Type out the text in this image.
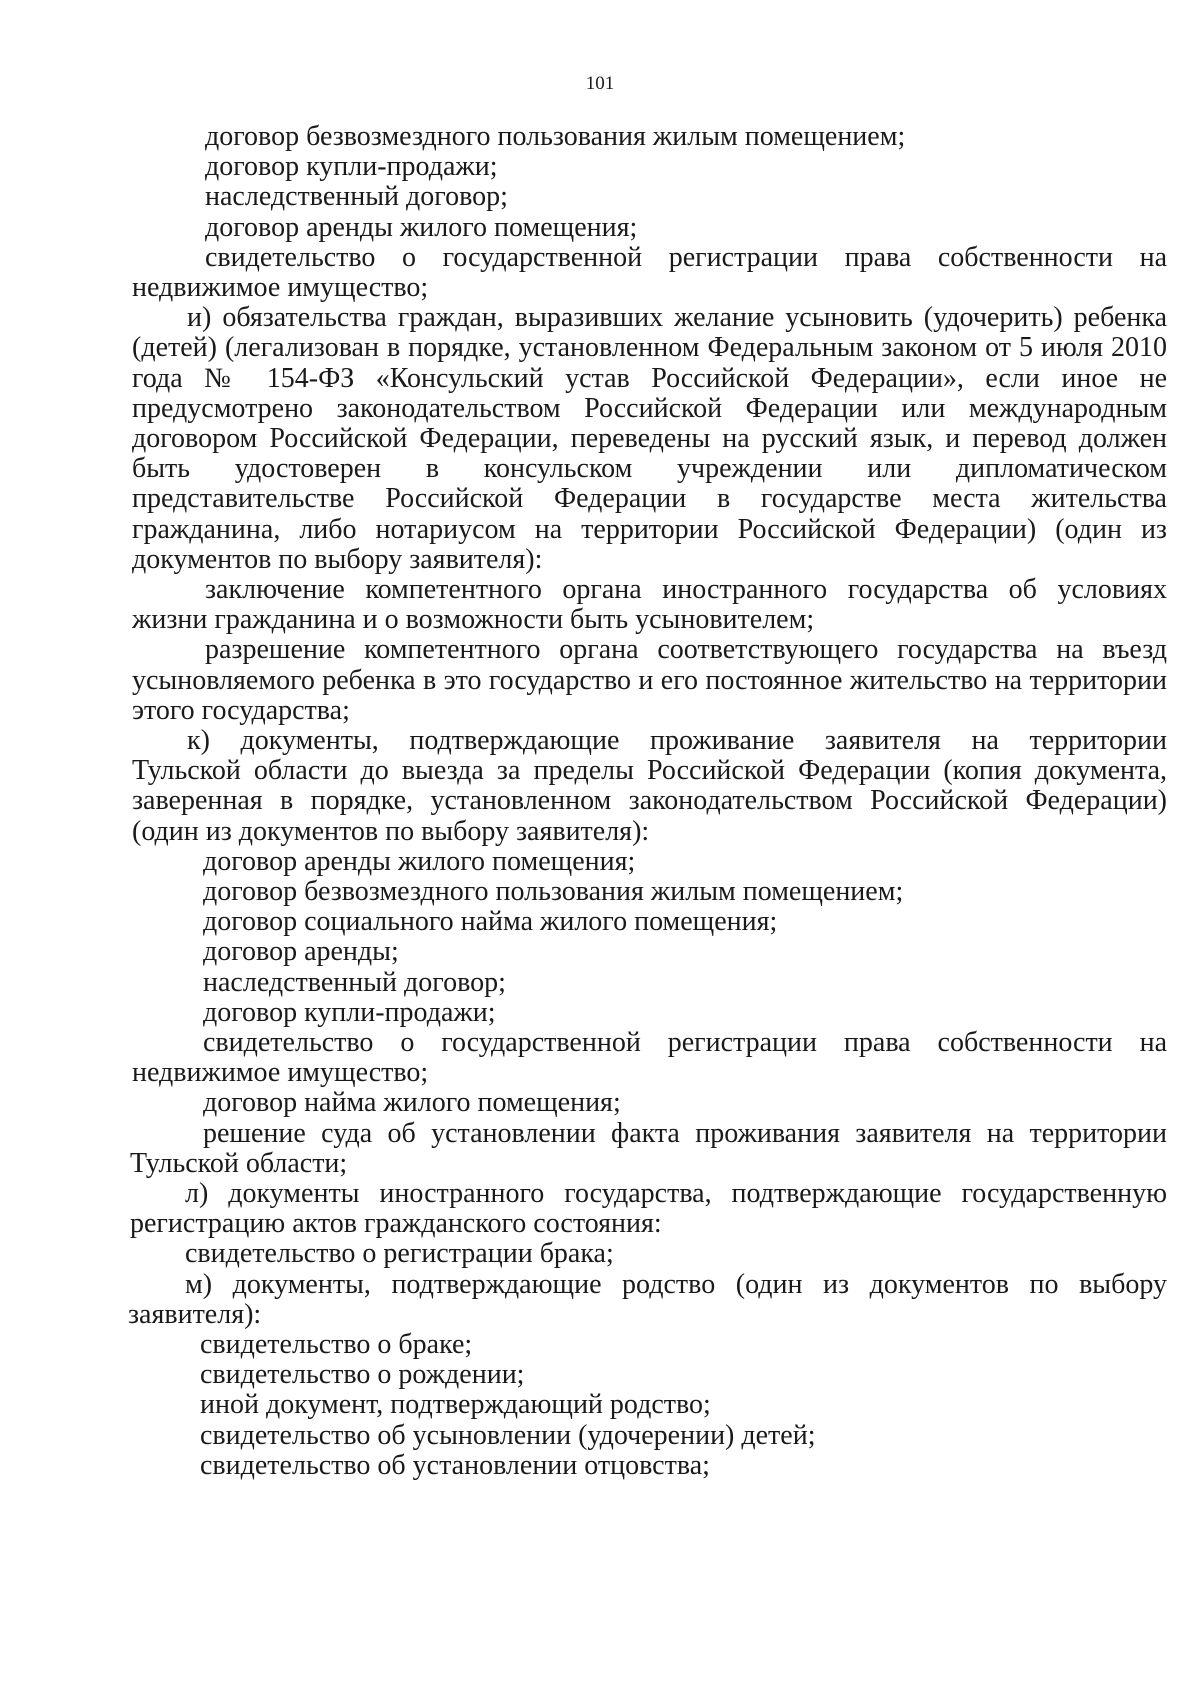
101
договор безвозмездного пользования жилым помещением;
договор купли-продажи;
наследственный договор;
договор аренды жилого помещения;
свидетельство о государственной регистрации права собственности на
недвижимое имущество;
и) обязательства граждан, выразивших желание усыновить (удочерить) ребенка
(детей) (легализован в порядке, установленном Федеральным законом от 5 июля 2010
года № 154-ФЗ «Консульский устав Российской Федерации», если иное не
предусмотрено законодательством Российской Федерации или международным
договором Российской Федерации, переведены на русский язык, и перевод должен
быть удостоверен в консульском учреждении или дипломатическом
представительстве Российской Федерации в государстве места жительства
гражданина, либо нотариусом на территории Российской Федерации) (один из
документов по выбору заявителя):
заключение компетентного органа иностранного государства об условиях
жизни гражданина и о возможности быть усыновителем;
разрешение компетентного органа соответствующего государства на въезд
усыновляемого ребенка в это государство и его постоянное жительство на территории
этого государства;
к) документы, подтверждающие проживание заявителя на территории
Тульской области до выезда за пределы Российской Федерации (копия документа,
заверенная в порядке, установленном законодательством Российской Федерации)
(один из документов по выбору заявителя):
договор аренды жилого помещения;
договор безвозмездного пользования жилым помещением;
договор социального найма жилого помещения;
договор аренды;
наследственный договор;
договор купли-продажи;
свидетельство о государственной регистрации права собственности на
недвижимое имущество;
договор найма жилого помещения;
решение суда об установлении факта проживания заявителя на территории
Тульской области;
л) документы иностранного государства, подтверждающие государственную
регистрацию актов гражданского состояния:
свидетельство о регистрации брака;
м) документы, подтверждающие родство (один из документов по выбору
заявителя):
свидетельство о браке;
свидетельство о рождении;
иной документ, подтверждающий родство;
свидетельство об усыновлении (удочерении) детей;
свидетельство об установлении отцовства;
